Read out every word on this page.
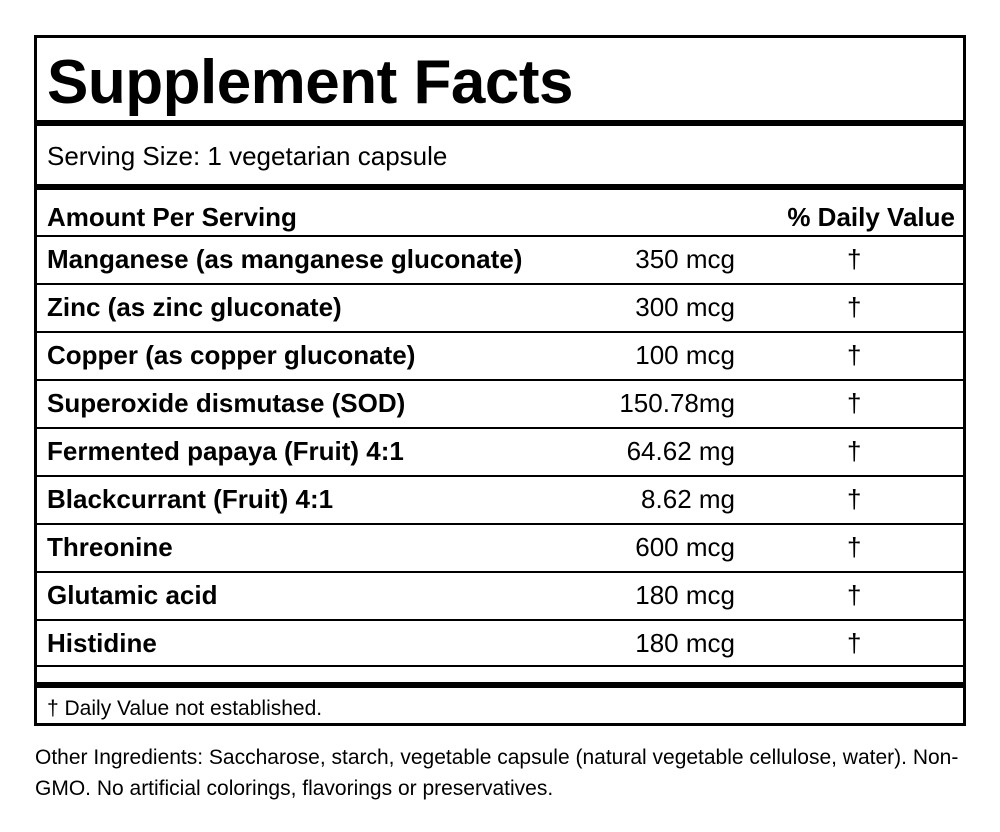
Supplement Facts
Serving Size: 1 vegetarian capsule
Amount Per Serving	% Daily Value
Manganese (as manganese gluconate)	350 mcg	†
Zinc (as zinc gluconate)	300 mcg	†
Copper (as copper gluconate)	100 mcg	†
Superoxide dismutase (SOD)	150.78mg	†
Fermented papaya (Fruit) 4:1	64.62 mg	†
Blackcurrant (Fruit) 4:1	8.62 mg	†
Threonine	600 mcg	†
Glutamic acid	180 mcg	†
Histidine	180 mcg	†
† Daily Value not established.
Other Ingredients: Saccharose, starch, vegetable capsule (natural vegetable cellulose, water). Non-GMO. No artificial colorings, flavorings or preservatives.
